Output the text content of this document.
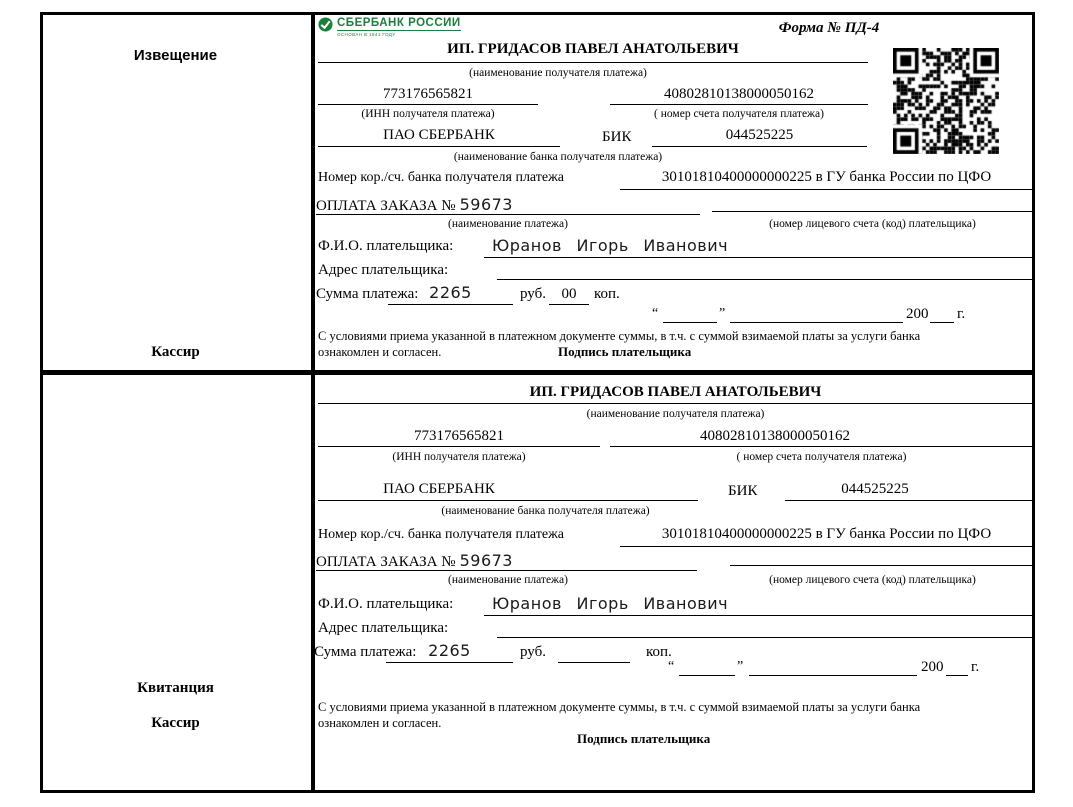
Извещение
Кассир
Квитанция
Кассир
СБЕРБАНК РОССИИ
ОСНОВАН В 1841 ГОДУ	Форма № ПД-4
ИП. ГРИДАСОВ ПАВЕЛ АНАТОЛЬЕВИЧ
(наименование получателя платежа)
773176565821	40802810138000050162
(ИНН получателя платежа)	( номер счета получателя платежа)
ПАО СБЕРБАНК	БИК	044525225
(наименование банка получателя платежа)
Номер кор./сч. банка получателя платежа	30101810400000000225 в ГУ банка России по ЦФО
ОПЛАТА ЗАКАЗА № 59673
(наименование платежа)	(номер лицевого счета (код) плательщика)
Ф.И.О. плательщика: Юранов Игорь Иванович
Адрес плательщика:
Сумма платежа: 2265	руб.	00	коп.
“	”	200 г.
С условиями приема указанной в платежном документе суммы, в т.ч. с суммой взимаемой платы за услуги банка
ознакомлен и согласен.	Подпись плательщика
ИП. ГРИДАСОВ ПАВЕЛ АНАТОЛЬЕВИЧ
(наименование получателя платежа)
773176565821	40802810138000050162
(ИНН получателя платежа)	( номер счета получателя платежа)
ПАО СБЕРБАНК	БИК	044525225
(наименование банка получателя платежа)
Номер кор./сч. банка получателя платежа	30101810400000000225 в ГУ банка России по ЦФО
ОПЛАТА ЗАКАЗА № 59673
(наименование платежа)	(номер лицевого счета (код) плательщика)
Ф.И.О. плательщика: Юранов Игорь Иванович
Адрес плательщика:
Сумма платежа: 2265	руб.	коп.
“	”	200 г.
С условиями приема указанной в платежном документе суммы, в т.ч. с суммой взимаемой платы за услуги банка
ознакомлен и согласен.
Подпись плательщика
